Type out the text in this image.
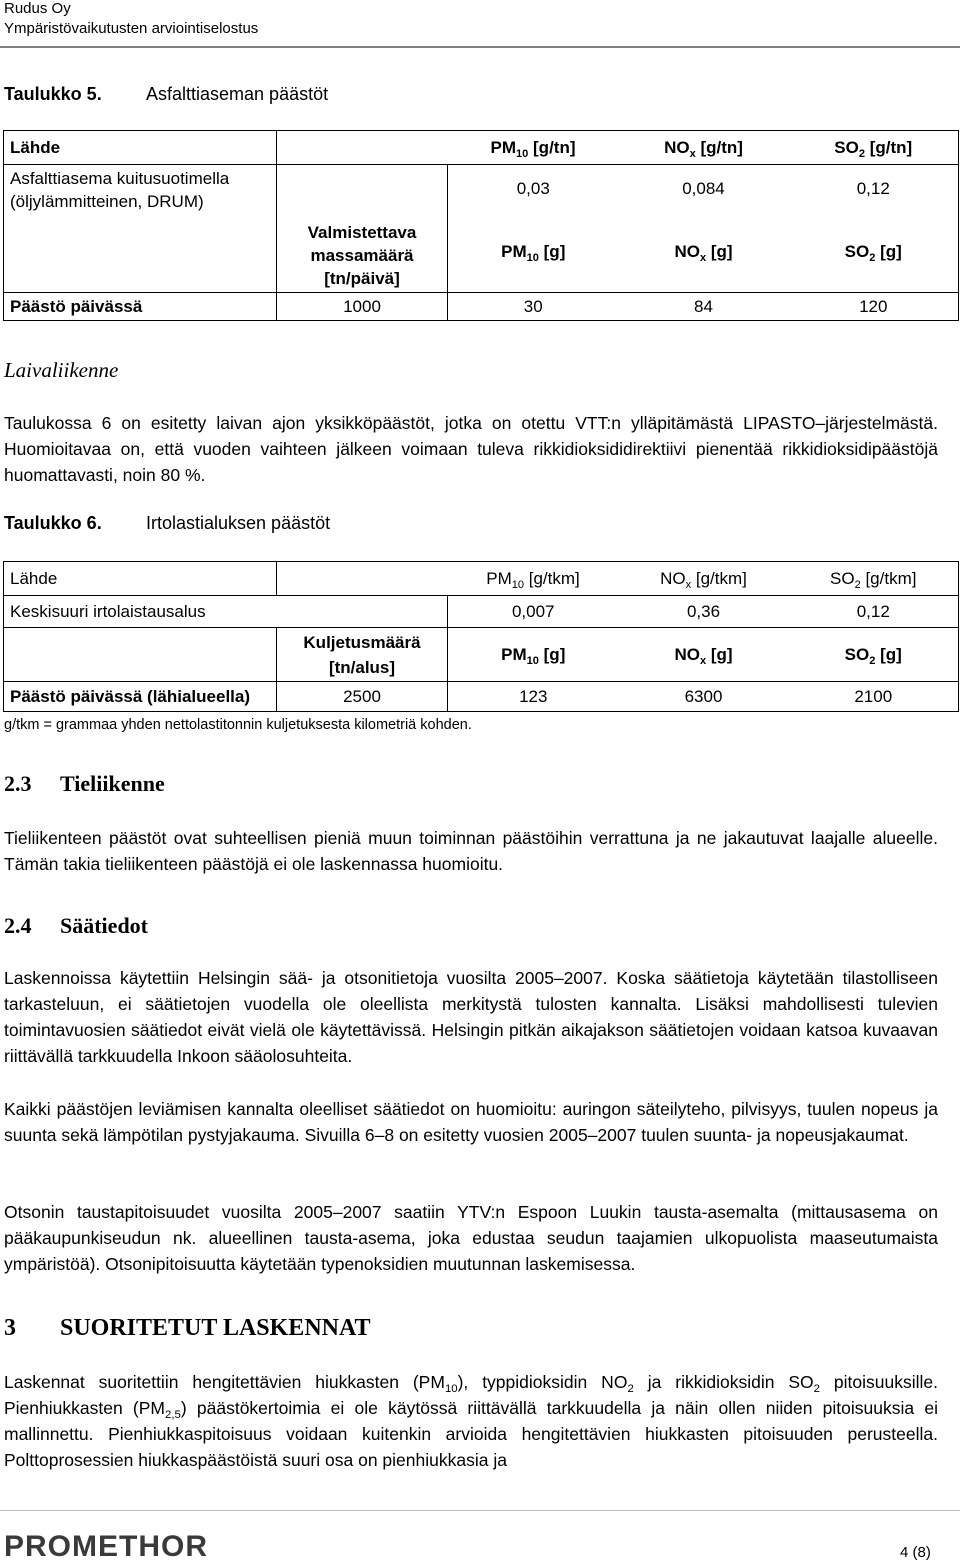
Rudus Oy
Ympäristövaikutusten arviointiselostus
Taulukko 5. Asfalttiaseman päästöt
Lähde		$PM_{10}$ [g/tn]	$NO_x$ [g/tn]	$SO_2$ [g/tn]
Asfalttiasema kuitusuotimella (öljylämmitteinen, DRUM)	Valmistettava massamäärä [tn/päivä]	0,03	0,084	0,12
		$PM_{10}$ [g]	$NO_x$ [g]	$SO_2$ [g]
Päästö päivässä	1000	30	84	120
Laivaliikenne

Taulukossa 6 on esitetty laivan ajon yksikköpäästöt, jotka on otettu VTT:n ylläpitämästä LIPASTO–järjestelmästä. Huomioitavaa on, että vuoden vaihteen jälkeen voimaan tuleva rikkidioksididirektiivi pienentää rikkidioksidipäästöjä huomattavasti, noin 80 %.

Taulukko 6. Irtolastialuksen päästöt
Lähde		$PM_{10}$ [g/tkm]	$NO_x$ [g/tkm]	$SO_2$ [g/tkm]
Keskisuuri irtolaistausalus		0,007	0,36	0,12
	Kuljetusmäärä [tn/alus]	$PM_{10}$ [g]	$NO_x$ [g]	$SO_2$ [g]
Päästö päivässä (lähialueella)	2500	123	6300	2100
g/tkm = grammaa yhden nettolastitonnin kuljetuksesta kilometriä kohden.
2.3 Tieliikenne

Tieliikenteen päästöt ovat suhteellisen pieniä muun toiminnan päästöihin verrattuna ja ne jakautuvat laajalle alueelle. Tämän takia tieliikenteen päästöjä ei ole laskennassa huomioitu.

2.4 Säätiedot

Laskennoissa käytettiin Helsingin sää- ja otsonitietoja vuosilta 2005–2007. Koska säätietoja käytetään tilastolliseen tarkasteluun, ei säätietojen vuodella ole oleellista merkitystä tulosten kannalta. Lisäksi mahdollisesti tulevien toimintavuosien säätiedot eivät vielä ole käytettävissä. Helsingin pitkän aikajakson säätietojen voidaan katsoa kuvaavan riittävällä tarkkuudella Inkoon sääolosuhteita.

Kaikki päästöjen leviämisen kannalta oleelliset säätiedot on huomioitu: auringon säteilyteho, pilvisyys, tuulen nopeus ja suunta sekä lämpötilan pystyjakauma. Sivuilla 6–8 on esitetty vuosien 2005–2007 tuulen suunta- ja nopeusjakaumat.

Otsonin taustapitoisuudet vuosilta 2005–2007 saatiin YTV:n Espoon Luukin tausta-asemalta (mittausasema on pääkaupunkiseudun nk. alueellinen tausta-asema, joka edustaa seudun taajamien ulkopuolista maaseutumaista ympäristöä). Otsonipitoisuutta käytetään typenoksidien muutunnan laskemisessa.

3 SUORITETUT LASKENNAT

Laskennat suoritettiin hengitettävien hiukkasten $(PM_{10})$, typpidioksidin $NO_2$ ja rikkidioksidin $SO_2$ pitoisuuksille. Pienhiukkasten $(PM_{2,5})$ päästökertoimia ei ole käytössä riittävällä tarkkuudella ja näin ollen niiden pitoisuuksia ei mallinnettu. Pienhiukkaspitoisuus voidaan kuitenkin arvioida hengitettävien hiukkasten pitoisuuden perusteella. Polttoprosessien hiukkaspäästöistä suuri osa on pienhiukkasia ja

PROMETHOR	4 (8)
